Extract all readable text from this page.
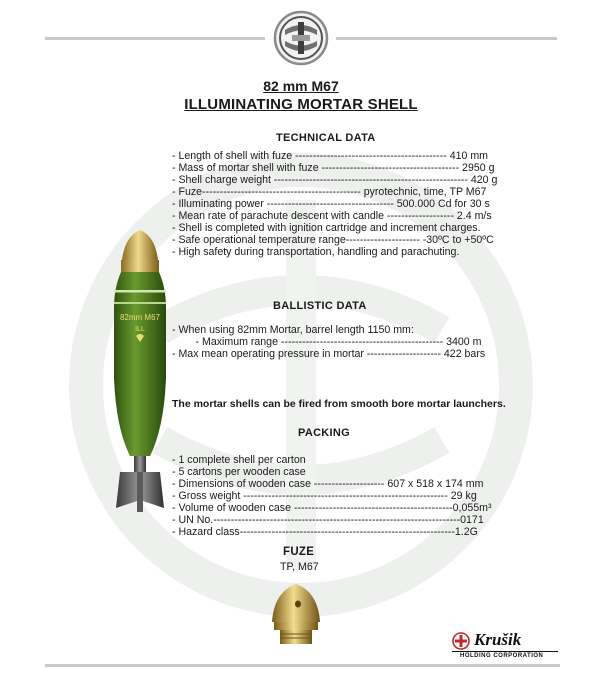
82 mm M67
ILLUMINATING MORTAR SHELL
TECHNICAL DATA
- Length of shell with fuze ------------------------------------------- 410 mm
- Mass of mortar shell with fuze --------------------------------------- 2950 g
- Shell charge weight ------------------------------------------------------- 420 g
- Fuze--------------------------------------------- pyrotechnic, time, TP M67
- Illuminating power ------------------------------------ 500.000 Cd for 30 s
- Mean rate of parachute descent with candle ------------------- 2.4 m/s
- Shell is completed with ignition cartridge and increment charges.
- Safe operational temperature range--------------------- -30ºC to +50ºC
- High safety during transportation, handling and parachuting.
BALLISTIC DATA
- When using 82mm Mortar, barrel length 1150 mm:
- Maximum range ---------------------------------------------- 3400 m
- Max mean operating pressure in mortar --------------------- 422 bars
The mortar shells can be fired from smooth bore mortar launchers.
PACKING
- 1 complete shell per carton
- 5 cartons per wooden case
- Dimensions of wooden case -------------------- 607 x 518 x 174 mm
- Gross weight ---------------------------------------------------------- 29 kg
- Volume of wooden case ---------------------------------------------0,055m³
- UN No.----------------------------------------------------------------------0171
- Hazard class-------------------------------------------------------------1.2G
FUZE
TP, M67
82mm M67
ILL
Krušik
HOLDING CORPORATION
